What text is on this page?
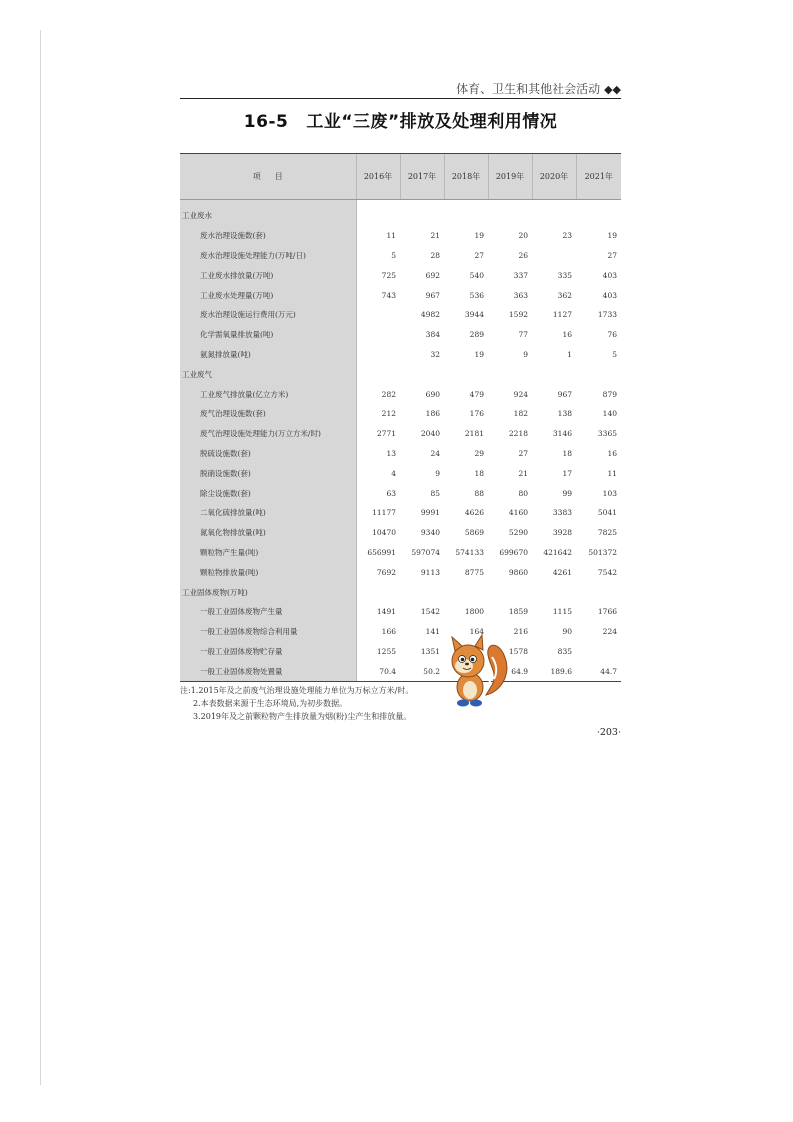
体育、卫生和其他社会活动 ◆◆
16-5 工业“三废”排放及处理利用情况
项目	2016年	2017年	2018年	2019年	2020年	2021年

工业废水						
废水治理设施数(套)	11	21	19	20	23	19
废水治理设施处理能力(万吨/日)	5	28	27	26		27
工业废水排放量(万吨)	725	692	540	337	335	403
工业废水处理量(万吨)	743	967	536	363	362	403
废水治理设施运行费用(万元)		4982	3944	1592	1127	1733
化学需氧量排放量(吨)		384	289	77	16	76
氨氮排放量(吨)		32	19	9	1	5
工业废气						
工业废气排放量(亿立方米)	282	690	479	924	967	879
废气治理设施数(套)	212	186	176	182	138	140
废气治理设施处理能力(万立方米/时)	2771	2040	2181	2218	3146	3365
脱硫设施数(套)	13	24	29	27	18	16
脱硝设施数(套)	4	9	18	21	17	11
除尘设施数(套)	63	85	88	80	99	103
二氧化硫排放量(吨)	11177	9991	4626	4160	3383	5041
氮氧化物排放量(吨)	10470	9340	5869	5290	3928	7825
颗粒物产生量(吨)	656991	597074	574133	699670	421642	501372
颗粒物排放量(吨)	7692	9113	8775	9860	4261	7542
工业固体废物(万吨)						
一般工业固体废物产生量	1491	1542	1800	1859	1115	1766
一般工业固体废物综合利用量	166	141	164	216	90	224
一般工业固体废物贮存量	1255	1351		1578	835	
一般工业固体废物处置量	70.4	50.2		64.9	189.6	44.7
注:1.2015年及之前废气治理设施处理能力单位为万标立方米/时。
2.本表数据来源于生态环境局,为初步数据。
3.2019年及之前颗粒物产生排放量为烟(粉)尘产生和排放量。
·203·
